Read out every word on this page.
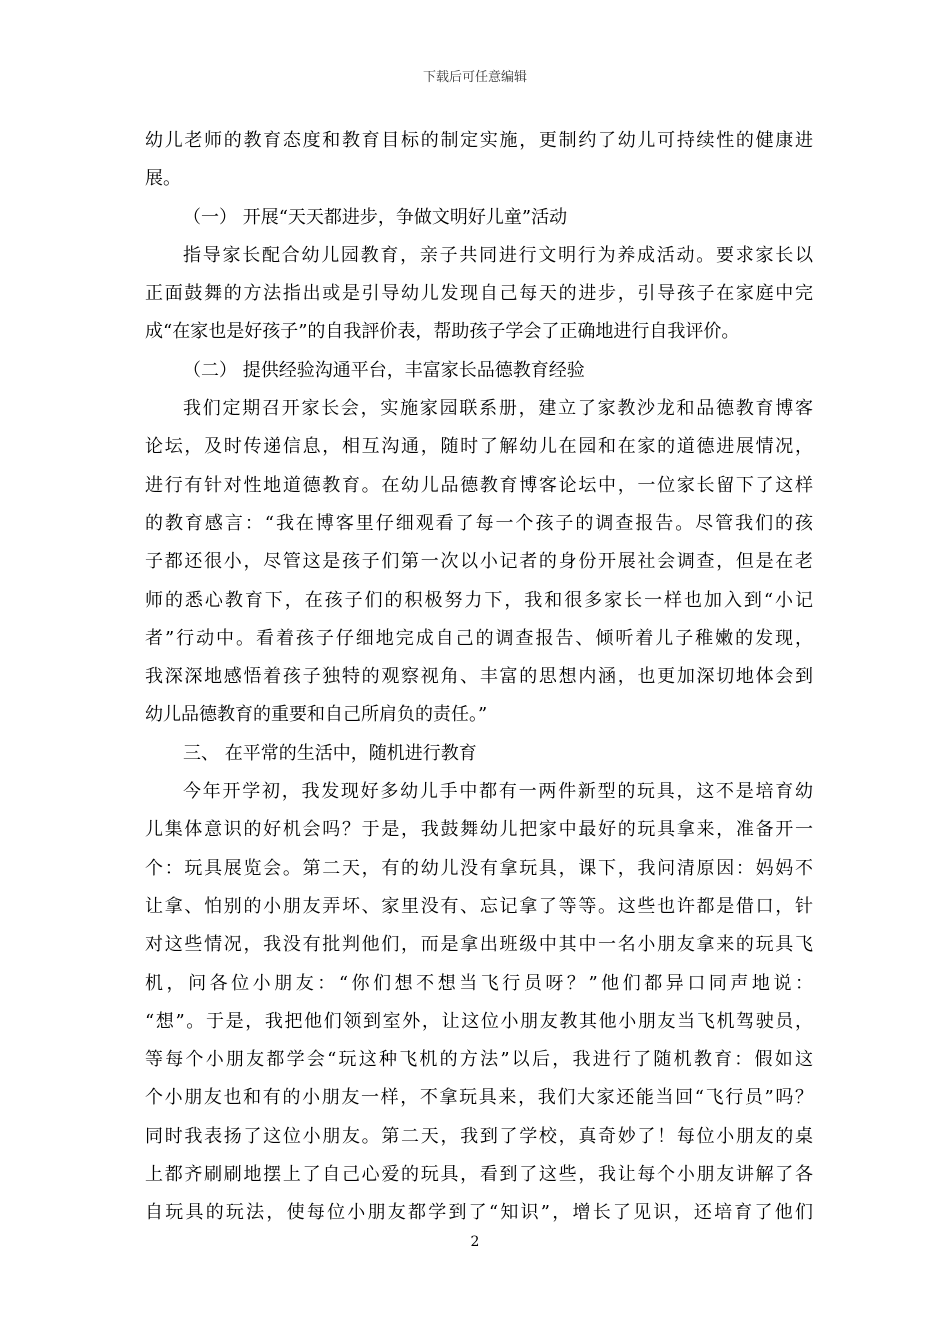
下载后可任意编辑
幼儿老师的教育态度和教育目标的制定实施，更制约了幼儿可持续性的健康进
展。
（一） 开展“天天都进步，争做文明好儿童”活动
指导家长配合幼儿园教育，亲子共同进行文明行为养成活动。要求家长以
正面鼓舞的方法指出或是引导幼儿发现自己每天的进步，引导孩子在家庭中完
成“在家也是好孩子”的自我評价表，帮助孩子学会了正确地进行自我评价。
（二） 提供经验沟通平台，丰富家长品德教育经验
我们定期召开家长会，实施家园联系册，建立了家教沙龙和品德教育博客
论坛，及时传递信息，相互沟通，随时了解幼儿在园和在家的道德进展情况，
进行有针对性地道德教育。在幼儿品德教育博客论坛中，一位家长留下了这样
的教育感言：“我在博客里仔细观看了每一个孩子的调查报告。尽管我们的孩
子都还很小，尽管这是孩子们第一次以小记者的身份开展社会调查，但是在老
师的悉心教育下，在孩子们的积极努力下，我和很多家长一样也加入到“小记
者”行动中。看着孩子仔细地完成自己的调查报告、倾听着儿子稚嫩的发现，
我深深地感悟着孩子独特的观察视角、丰富的思想内涵，也更加深切地体会到
幼儿品德教育的重要和自己所肩负的责任。”
三、 在平常的生活中，随机进行教育
今年开学初，我发现好多幼儿手中都有一两件新型的玩具，这不是培育幼
儿集体意识的好机会吗？于是，我鼓舞幼儿把家中最好的玩具拿来，准备开一
个：玩具展览会。第二天，有的幼儿没有拿玩具，课下，我问清原因：妈妈不
让拿、怕别的小朋友弄坏、家里没有、忘记拿了等等。这些也许都是借口，针
对这些情况，我没有批判他们，而是拿出班级中其中一名小朋友拿来的玩具飞
机，问各位小朋友：“你们想不想当飞行员呀？”他们都异口同声地说：
“想”。于是，我把他们领到室外，让这位小朋友教其他小朋友当飞机驾驶员，
等每个小朋友都学会“玩这种飞机的方法”以后，我进行了随机教育：假如这
个小朋友也和有的小朋友一样，不拿玩具来，我们大家还能当回“飞行员”吗？
同时我表扬了这位小朋友。第二天，我到了学校，真奇妙了！每位小朋友的桌
上都齐刷刷地摆上了自己心爱的玩具，看到了这些，我让每个小朋友讲解了各
自玩具的玩法，使每位小朋友都学到了“知识”，增长了见识，还培育了他们
2
